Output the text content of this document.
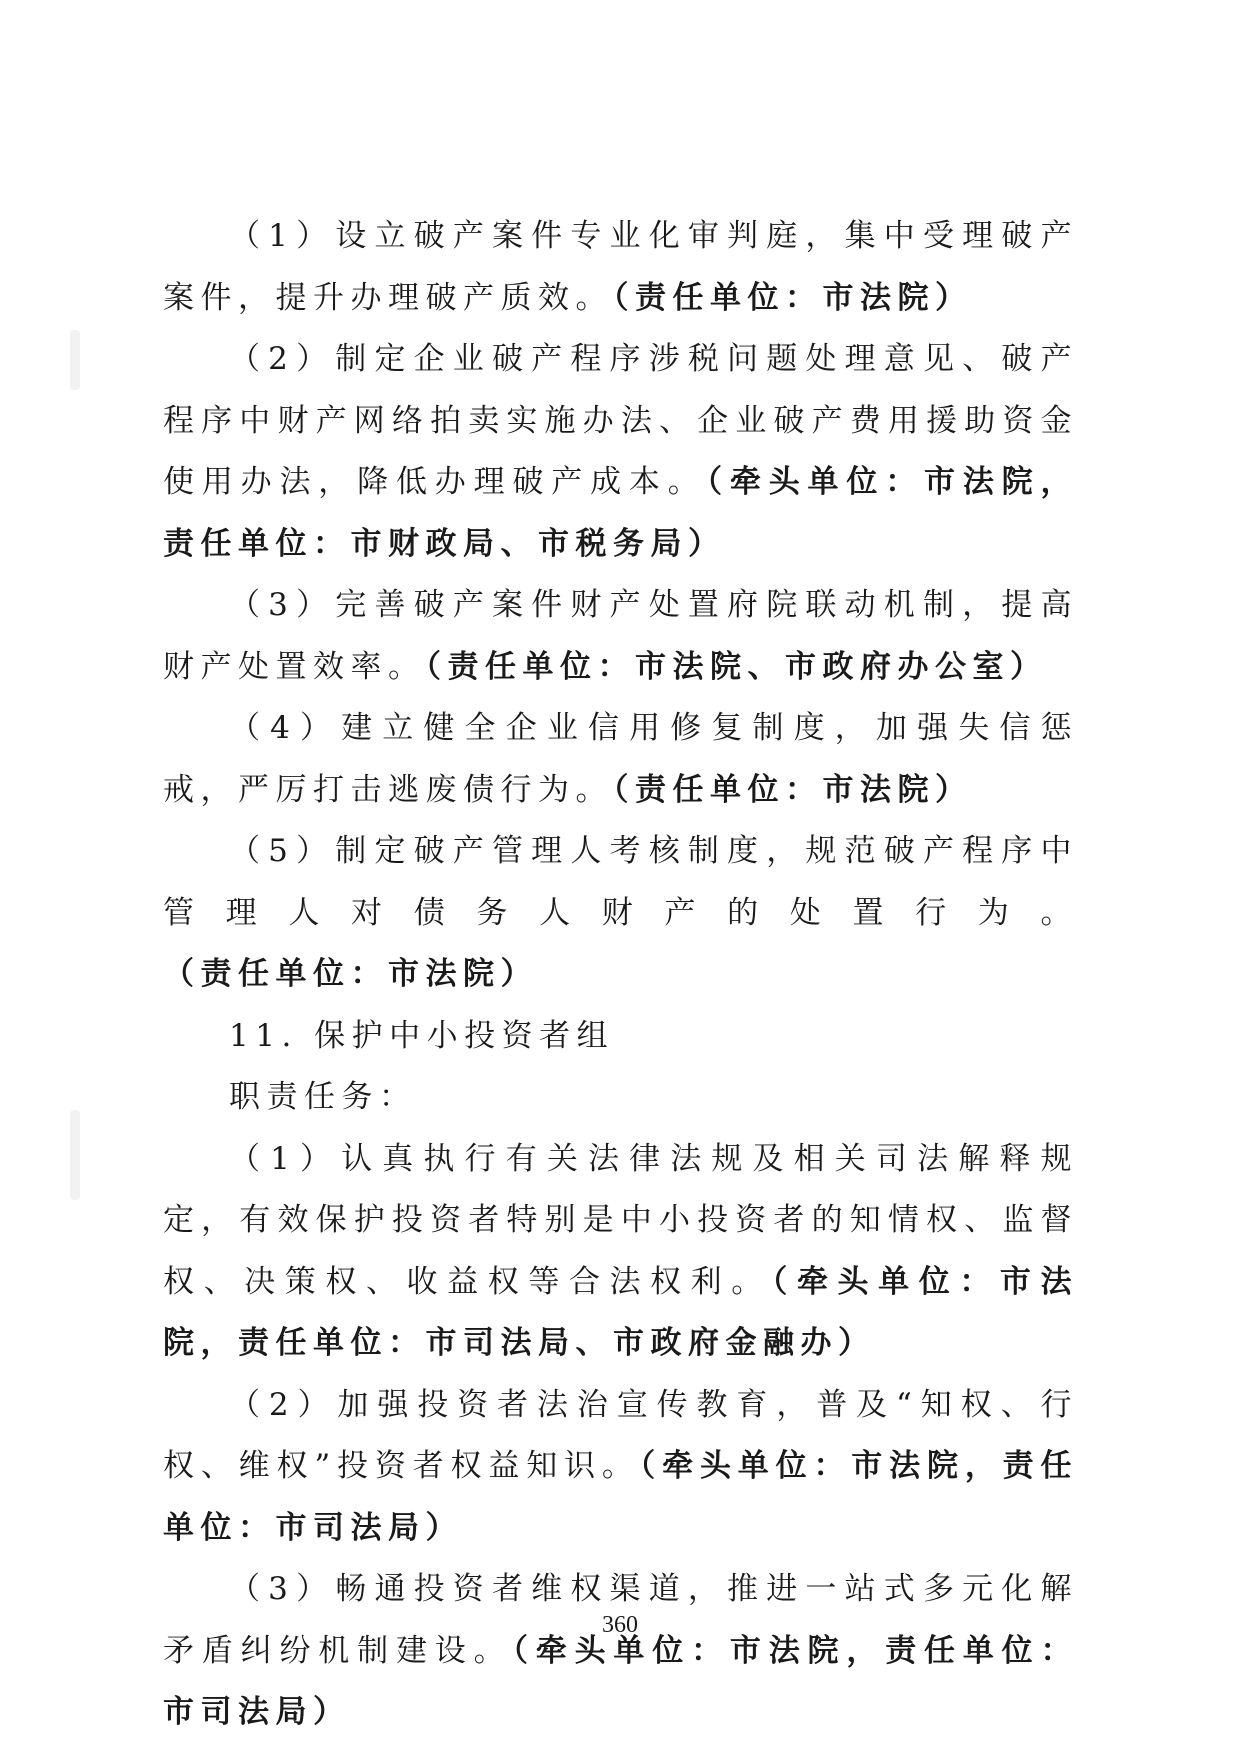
（1）设立破产案件专业化审判庭，集中受理破产案件，提升办理破产质效。（责任单位：市法院）

（2）制定企业破产程序涉税问题处理意见、破产程序中财产网络拍卖实施办法、企业破产费用援助资金使用办法，降低办理破产成本。（牵头单位：市法院，责任单位：市财政局、市税务局）

（3）完善破产案件财产处置府院联动机制，提高财产处置效率。（责任单位：市法院、市政府办公室）

（4）建立健全企业信用修复制度，加强失信惩戒，严厉打击逃废债行为。（责任单位：市法院）

（5）制定破产管理人考核制度，规范破产程序中管理人对债务人财产的处置行为。（责任单位：市法院）

11. 保护中小投资者组

职责任务：

（1）认真执行有关法律法规及相关司法解释规定，有效保护投资者特别是中小投资者的知情权、监督权、决策权、收益权等合法权利。（牵头单位：市法院，责任单位：市司法局、市政府金融办）

（2）加强投资者法治宣传教育，普及“知权、行权、维权”投资者权益知识。（牵头单位：市法院，责任单位：市司法局）

（3）畅通投资者维权渠道，推进一站式多元化解矛盾纠纷机制建设。（牵头单位：市法院，责任单位：市司法局）

360
